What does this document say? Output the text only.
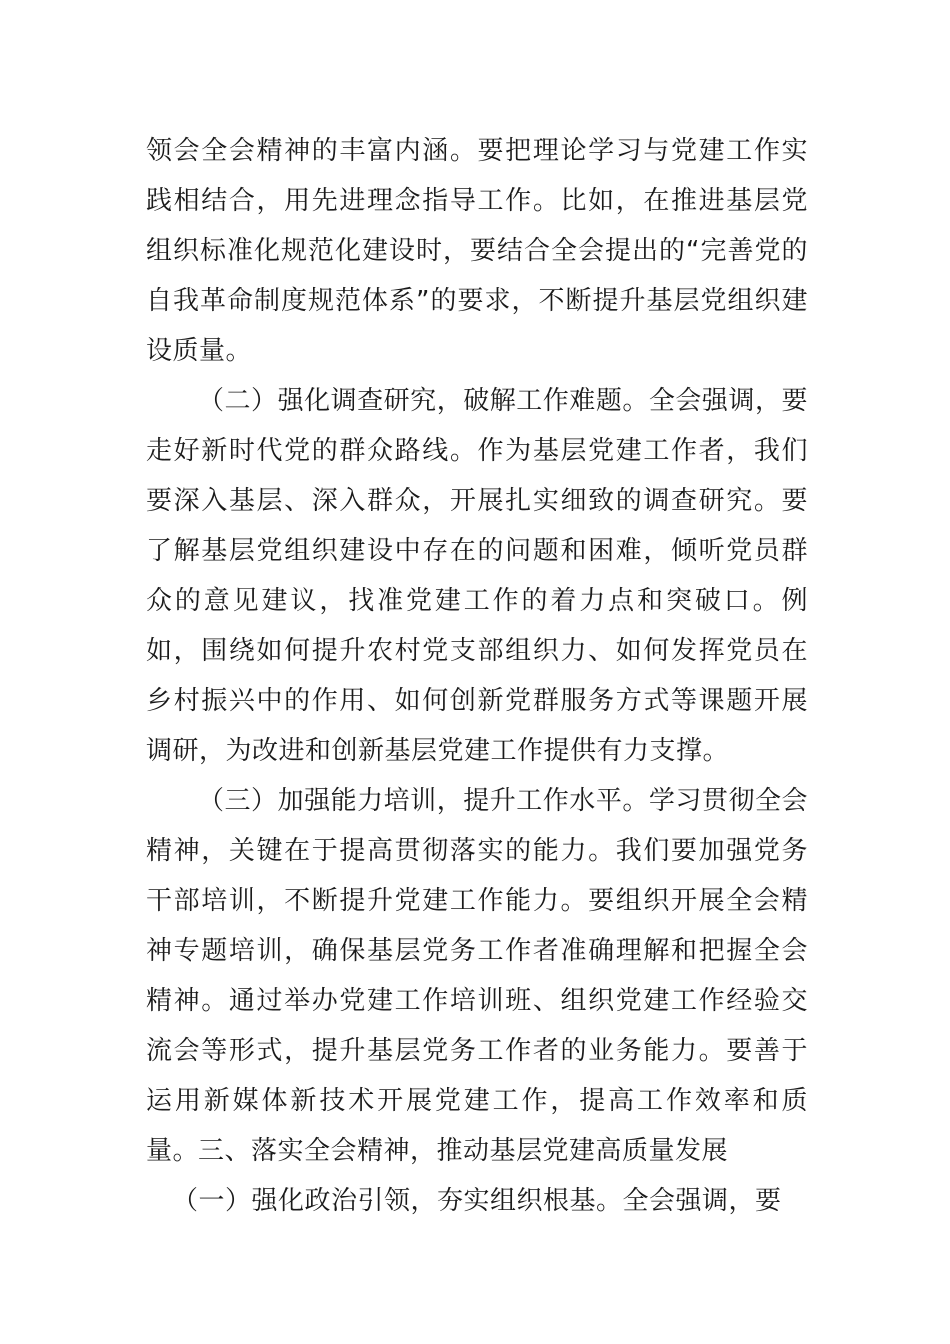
领会全会精神的丰富内涵。要把理论学习与党建工作实践相结合，用先进理念指导工作。比如，在推进基层党组织标准化规范化建设时，要结合全会提出的“完善党的自我革命制度规范体系”的要求，不断提升基层党组织建设质量。

（二）强化调查研究，破解工作难题。全会强调，要走好新时代党的群众路线。作为基层党建工作者，我们要深入基层、深入群众，开展扎实细致的调查研究。要了解基层党组织建设中存在的问题和困难，倾听党员群众的意见建议，找准党建工作的着力点和突破口。例如，围绕如何提升农村党支部组织力、如何发挥党员在乡村振兴中的作用、如何创新党群服务方式等课题开展调研，为改进和创新基层党建工作提供有力支撑。

（三）加强能力培训，提升工作水平。学习贯彻全会精神，关键在于提高贯彻落实的能力。我们要加强党务干部培训，不断提升党建工作能力。要组织开展全会精神专题培训，确保基层党务工作者准确理解和把握全会精神。通过举办党建工作培训班、组织党建工作经验交流会等形式，提升基层党务工作者的业务能力。要善于运用新媒体新技术开展党建工作，提高工作效率和质量。

三、落实全会精神，推动基层党建高质量发展

（一）强化政治引领，夯实组织根基。全会强调，要
